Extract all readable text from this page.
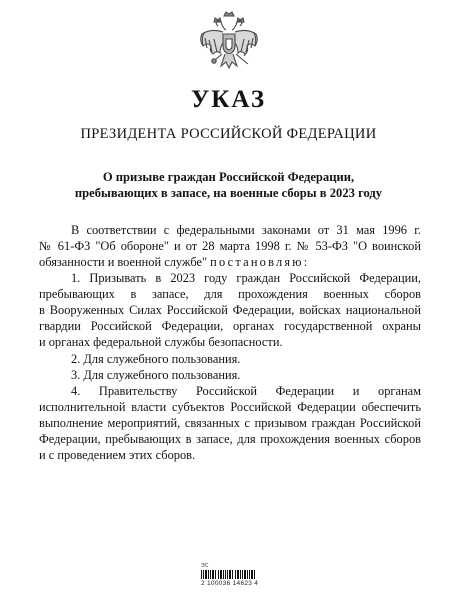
УКАЗ
ПРЕЗИДЕНТА РОССИЙСКОЙ ФЕДЕРАЦИИ
О призыве граждан Российской Федерации,
пребывающих в запасе, на военные сборы в 2023 году
В соответствии с федеральными законами от 31 мая 1996 г.
№ 61-ФЗ "Об обороне" и от 28 марта 1998 г. № 53-ФЗ "О воинской
обязанности и военной службе" постановляю:
1. Призывать в 2023 году граждан Российской Федерации,
пребывающих в запасе, для прохождения военных сборов
в Вооруженных Силах Российской Федерации, войсках национальной
гвардии Российской Федерации, органах государственной охраны
и органах федеральной службы безопасности.
2. Для служебного пользования.
3. Для служебного пользования.
4. Правительству Российской Федерации и органам
исполнительной власти субъектов Российской Федерации обеспечить
выполнение мероприятий, связанных с призывом граждан Российской
Федерации, пребывающих в запасе, для прохождения военных сборов
и с проведением этих сборов.
ЭС
2 100036 14623 4
